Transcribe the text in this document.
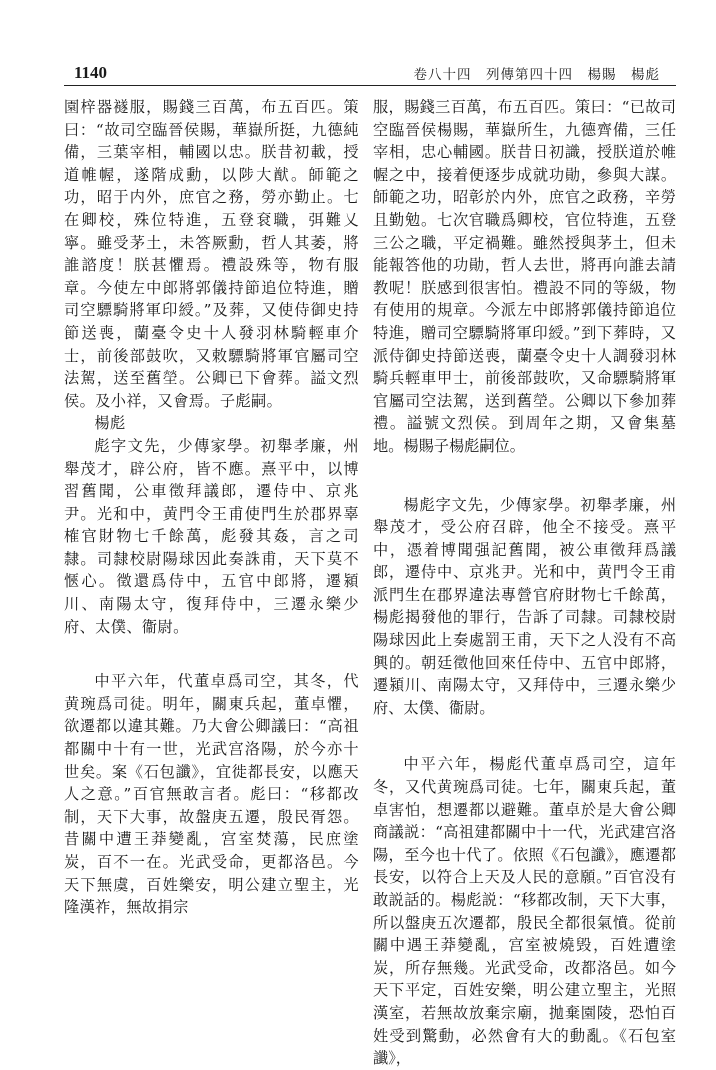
1140	卷八十四　列傳第四十四　楊賜　楊彪

園梓器襚服，賜錢三百萬，布五百匹。策曰：“故司空臨晉侯賜，華嶽所挺，九德純備，三葉宰相，輔國以忠。朕昔初載，授道帷幄，遂階成勳，以陟大猷。師範之功，昭于内外，庶官之務，勞亦勤止。七在卿校，殊位特進，五登袞職，弭難乂寧。雖受茅土，未答厥勳，哲人其萎，將誰諮度！朕甚懼焉。禮設殊等，物有服章。今使左中郎將郭儀持節追位特進，贈司空驃騎將軍印綬。”及葬，又使侍御史持節送喪，蘭臺令史十人發羽林騎輕車介士，前後部鼓吹，又敕驃騎將軍官屬司空法駕，送至舊塋。公卿已下會葬。謚文烈侯。及小祥，又會焉。子彪嗣。

楊彪

彪字文先，少傳家學。初舉孝廉，州舉茂才，辟公府，皆不應。熹平中，以博習舊聞，公車徵拜議郎，遷侍中、京兆尹。光和中，黄門令王甫使門生於郡界辜榷官財物七千餘萬，彪發其姦，言之司隸。司隸校尉陽球因此奏誅甫，天下莫不愜心。徵還爲侍中，五官中郎將，遷潁川、南陽太守，復拜侍中，三遷永樂少府、太僕、衞尉。

中平六年，代董卓爲司空，其冬，代黄琬爲司徒。明年，關東兵起，董卓懼，欲遷都以違其難。乃大會公卿議曰：“高祖都關中十有一世，光武宫洛陽，於今亦十世矣。案《石包讖》，宜徙都長安，以應天人之意。”百官無敢言者。彪曰：“移都改制，天下大事，故盤庚五遷，殷民胥怨。昔關中遭王莽變亂，宫室焚蕩，民庶塗炭，百不一在。光武受命，更都洛邑。今天下無虞，百姓樂安，明公建立聖主，光隆漢祚，無故捐宗

服，賜錢三百萬，布五百匹。策曰：“已故司空臨晉侯楊賜，華嶽所生，九德齊備，三任宰相，忠心輔國。朕昔日初識，授朕道於帷幄之中，接着便逐步成就功勛，參與大謀。師範之功，昭彰於内外，庶官之政務，辛勞且勤勉。七次官職爲卿校，官位特進，五登三公之職，平定禍難。雖然授與茅土，但未能報答他的功勛，哲人去世，將再向誰去請教呢！朕感到很害怕。禮設不同的等級，物有使用的規章。今派左中郎將郭儀持節追位特進，贈司空驃騎將軍印綬。”到下葬時，又派侍御史持節送喪，蘭臺令史十人調發羽林騎兵輕車甲士，前後部鼓吹，又命驃騎將軍官屬司空法駕，送到舊塋。公卿以下參加葬禮。謚號文烈侯。到周年之期，又會集墓地。楊賜子楊彪嗣位。

楊彪字文先，少傳家學。初舉孝廉，州舉茂才，受公府召辟，他全不接受。熹平中，憑着博聞强記舊聞，被公車徵拜爲議郎，遷侍中、京兆尹。光和中，黄門令王甫派門生在郡界違法專營官府財物七千餘萬，楊彪揭發他的罪行，告訴了司隸。司隸校尉陽球因此上奏處罰王甫，天下之人没有不高興的。朝廷徵他回來任侍中、五官中郎將，遷潁川、南陽太守，又拜侍中，三遷永樂少府、太僕、衞尉。

中平六年，楊彪代董卓爲司空，這年冬，又代黄琬爲司徒。七年，關東兵起，董卓害怕，想遷都以避難。董卓於是大會公卿商議説：“高祖建都關中十一代，光武建宫洛陽，至今也十代了。依照《石包讖》，應遷都長安，以符合上天及人民的意願。”百官没有敢説話的。楊彪説：“移都改制，天下大事，所以盤庚五次遷都，殷民全都很氣憤。從前關中遇王莽變亂，宫室被燒毁，百姓遭塗炭，所存無幾。光武受命，改都洛邑。如今天下平定，百姓安樂，明公建立聖主，光照漢室，若無故放棄宗廟，拋棄園陵，恐怕百姓受到驚動，必然會有大的動亂。《石包室讖》，
